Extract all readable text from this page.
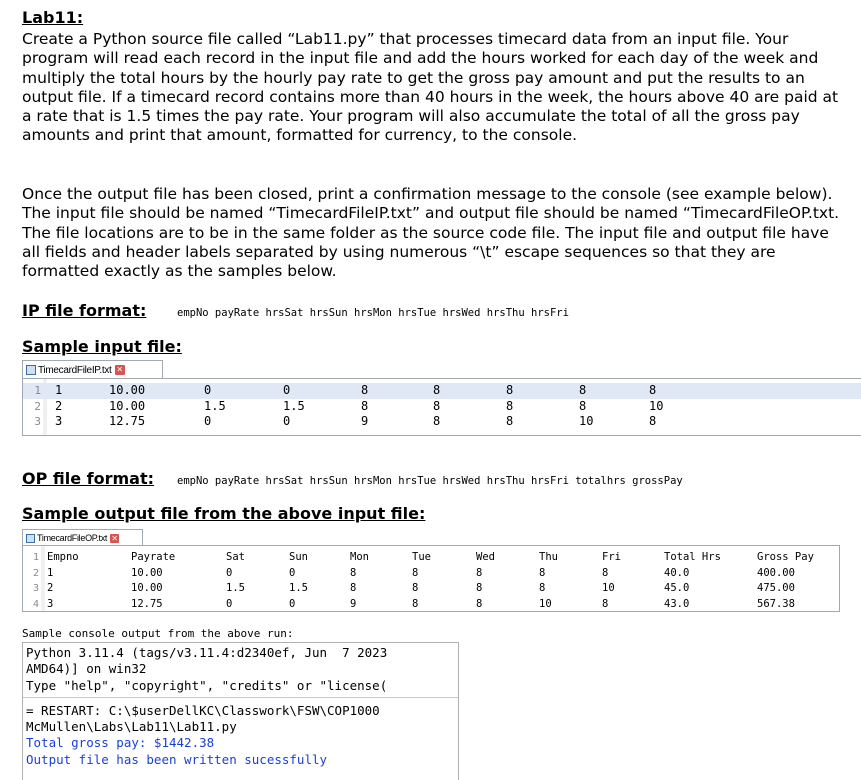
Lab11:

Create a Python source file called “Lab11.py” that processes timecard data from an input file. Your program will read each record in the input file and add the hours worked for each day of the week and multiply the total hours by the hourly pay rate to get the gross pay amount and put the results to an output file. If a timecard record contains more than 40 hours in the week, the hours above 40 are paid at a rate that is 1.5 times the pay rate. Your program will also accumulate the total of all the gross pay amounts and print that amount, formatted for currency, to the console.

Once the output file has been closed, print a confirmation message to the console (see example below). The input file should be named “TimecardFileIP.txt” and output file should be named “TimecardFileOP.txt. The file locations are to be in the same folder as the source code file. The input file and output file have all fields and header labels separated by using numerous “\t” escape sequences so that they are formatted exactly as the samples below.

IP file format:	empNo payRate hrsSat hrsSun hrsMon hrsTue hrsWed hrsThu hrsFri
Sample input file:
TimecardFileIP.txt ✕
1 1	10.00	0	0	8	8	8	8	8
2 2	10.00	1.5	1.5	8	8	8	8	10
3 3	12.75	0	0	9	8	8	10	8
OP file format: empNo payRate hrsSat hrsSun hrsMon hrsTue hrsWed hrsThu hrsFri totalhrs grossPay
Sample output file from the above input file:
TimecardFileOP.txt ✕
1 Empno	Payrate	Sat	Sun	Mon	Tue	Wed	Thu	Fri	Total Hrs	Gross Pay
2 1	10.00	0	0	8	8	8	8	8	40.0	400.00
3 2	10.00	1.5	1.5	8	8	8	8	10	45.0	475.00
4 3	12.75	0	0	9	8	8	10	8	43.0	567.38
Sample console output from the above run:
Python 3.11.4 (tags/v3.11.4:d2340ef, Jun  7 2023
AMD64)] on win32
Type "help", "copyright", "credits" or "license(
= RESTART: C:\$userDellKC\Classwork\FSW\COP1000
McMullen\Labs\Lab11\Lab11.py
Total gross pay: $1442.38
Output file has been written sucessfully
